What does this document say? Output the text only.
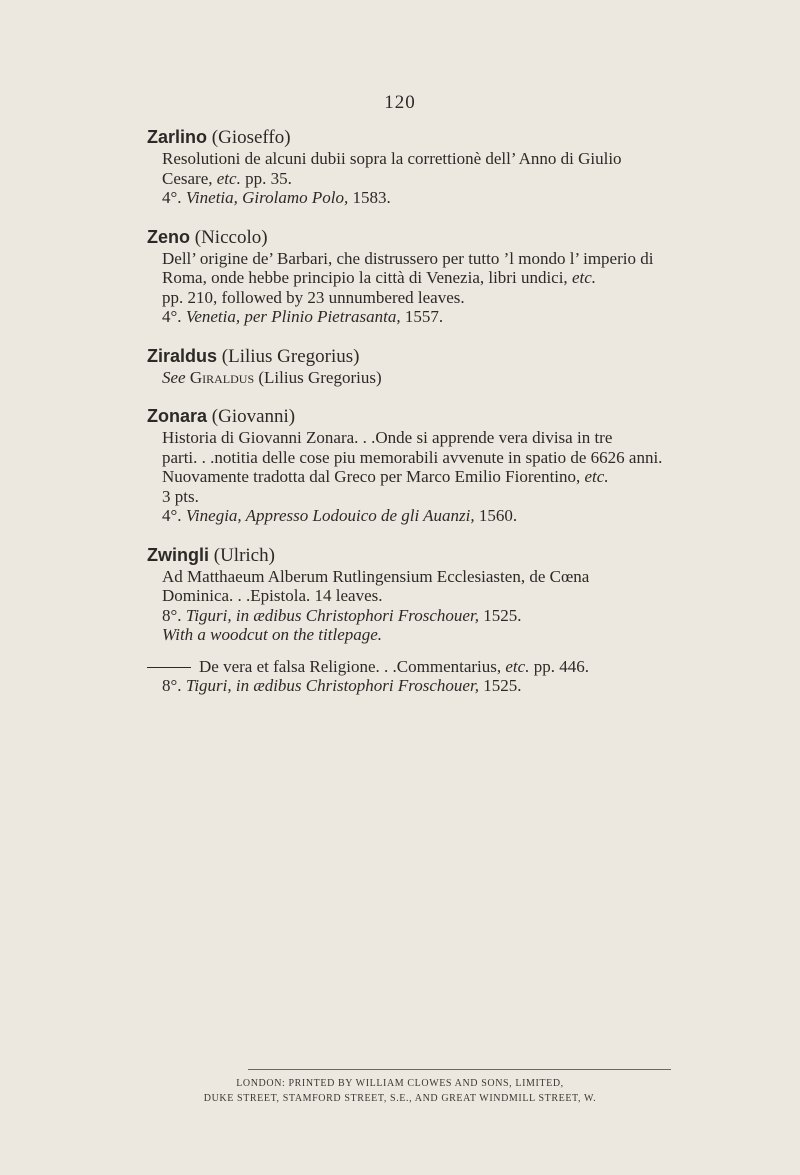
120

Zarlino (Gioseffo)

Resolutioni de alcuni dubii sopra la correttionè dell’ Anno di Giulio

Cesare, etc. pp. 35.

4°. Vinetia, Girolamo Polo, 1583.

Zeno (Niccolo)

Dell’ origine de’ Barbari, che distrussero per tutto ’l mondo l’ imperio di

Roma, onde hebbe principio la città di Venezia, libri undici, etc.

pp. 210, followed by 23 unnumbered leaves.

4°. Venetia, per Plinio Pietrasanta, 1557.

Ziraldus (Lilius Gregorius)

See Giraldus (Lilius Gregorius)

Zonara (Giovanni)

Historia di Giovanni Zonara. . .Onde si apprende vera divisa in tre

parti. . .notitia delle cose piu memorabili avvenute in spatio de 6626 anni.

Nuovamente tradotta dal Greco per Marco Emilio Fiorentino, etc.

3 pts.

4°. Vinegia, Appresso Lodouico de gli Auanzi, 1560.

Zwingli (Ulrich)

Ad Matthaeum Alberum Rutlingensium Ecclesiasten, de Cœna

Dominica. . .Epistola. 14 leaves.

8°. Tiguri, in ædibus Christophori Froschouer, 1525.

With a woodcut on the titlepage.

De vera et falsa Religione. . .Commentarius, etc. pp. 446.

8°. Tiguri, in ædibus Christophori Froschouer, 1525.

LONDON: PRINTED BY WILLIAM CLOWES AND SONS, LIMITED,
DUKE STREET, STAMFORD STREET, S.E., AND GREAT WINDMILL STREET, W.
